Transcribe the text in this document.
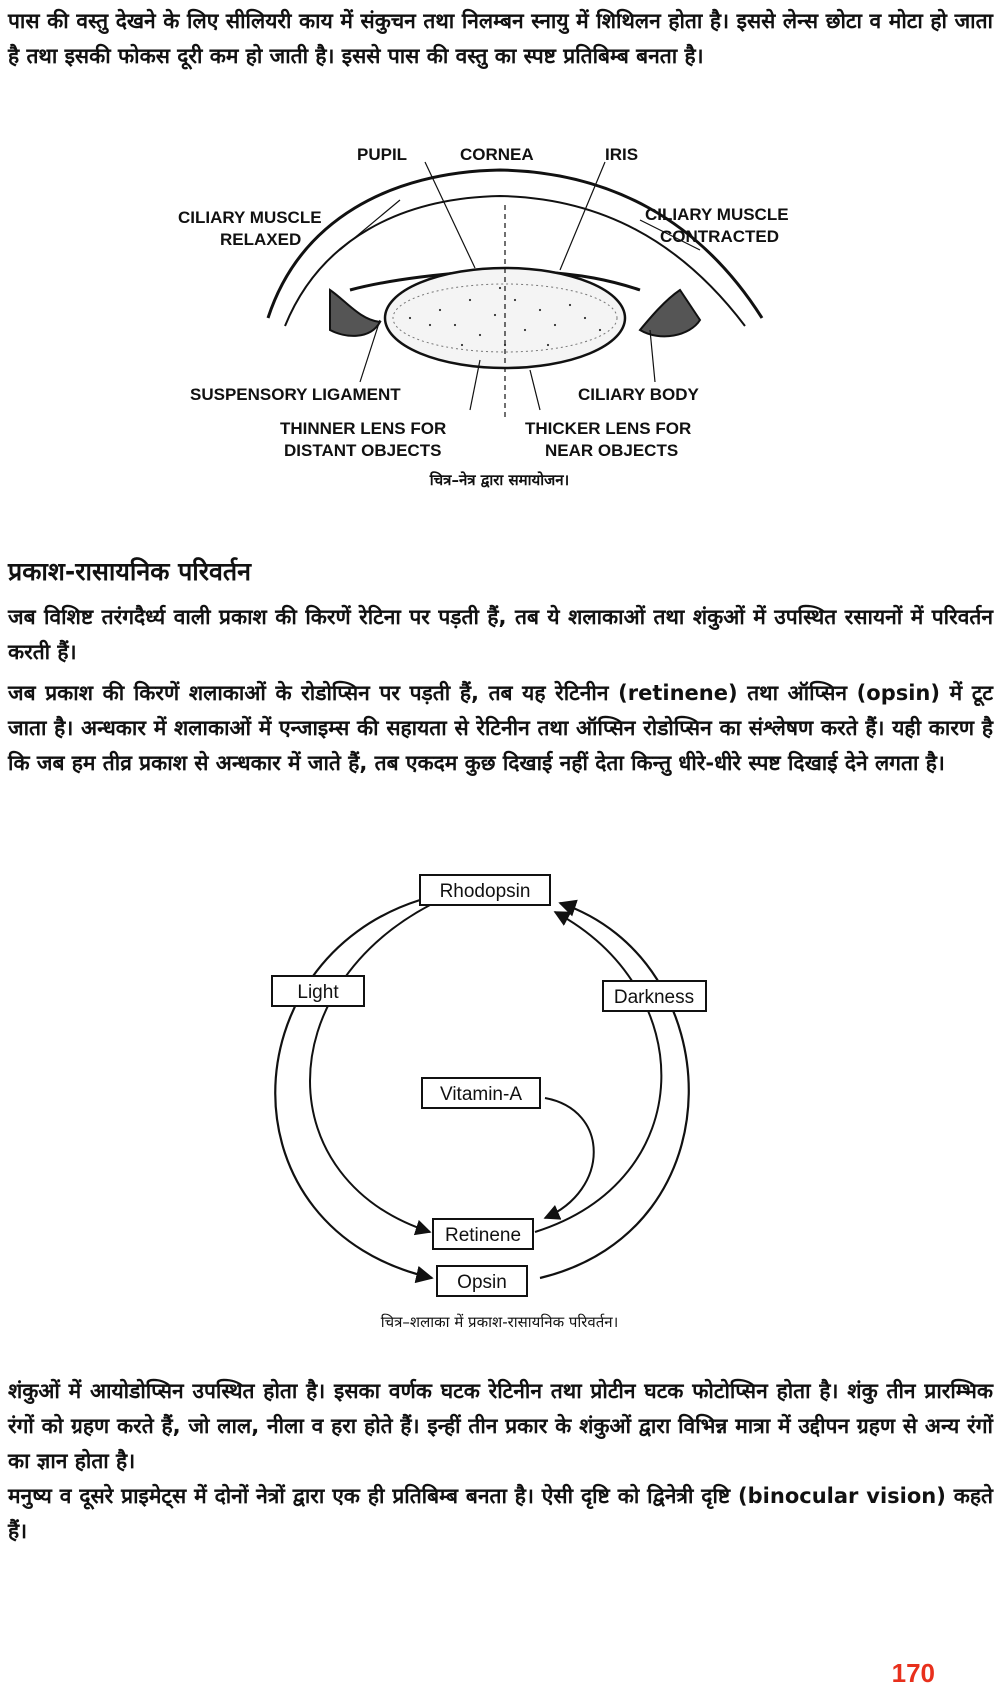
पास की वस्तु देखने के लिए सीलियरी काय में संकुचन तथा निलम्बन स्नायु में शिथिलन होता है। इससे लेन्स छोटा व मोटा हो जाता है तथा इसकी फोकस दूरी कम हो जाती है। इससे पास की वस्तु का स्पष्ट प्रतिबिम्ब बनता है।

PUPIL	CORNEA	IRIS
CILIARY MUSCLE
RELAXED
CILIARY MUSCLE
CONTRACTED
SUSPENSORY LIGAMENT	CILIARY BODY
THINNER LENS FOR
DISTANT OBJECTS
THICKER LENS FOR
NEAR OBJECTS
चित्र–नेत्र द्वारा समायोजन।
प्रकाश-रासायनिक परिवर्तन

जब विशिष्ट तरंगदैर्ध्य वाली प्रकाश की किरणें रेटिना पर पड़ती हैं, तब ये शलाकाओं तथा शंकुओं में उपस्थित रसायनों में परिवर्तन करती हैं।

जब प्रकाश की किरणें शलाकाओं के रोडोप्सिन पर पड़ती हैं, तब यह रेटिनीन (retinene) तथा ऑप्सिन (opsin) में टूट जाता है। अन्धकार में शलाकाओं में एन्जाइम्स की सहायता से रेटिनीन तथा ऑप्सिन रोडोप्सिन का संश्लेषण करते हैं। यही कारण है कि जब हम तीव्र प्रकाश से अन्धकार में जाते हैं, तब एकदम कुछ दिखाई नहीं देता किन्तु धीरे-धीरे स्पष्ट दिखाई देने लगता है।

Rhodopsin
Light	Darkness
Vitamin-A
Retinene
Opsin
चित्र–शलाका में प्रकाश-रासायनिक परिवर्तन।

शंकुओं में आयोडोप्सिन उपस्थित होता है। इसका वर्णक घटक रेटिनीन तथा प्रोटीन घटक फोटोप्सिन होता है। शंकु तीन प्रारम्भिक रंगों को ग्रहण करते हैं, जो लाल, नीला व हरा होते हैं। इन्हीं तीन प्रकार के शंकुओं द्वारा विभिन्न मात्रा में उद्दीपन ग्रहण से अन्य रंगों का ज्ञान होता है।

मनुष्य व दूसरे प्राइमेट्स में दोनों नेत्रों द्वारा एक ही प्रतिबिम्ब बनता है। ऐसी दृष्टि को द्विनेत्री दृष्टि (binocular vision) कहते हैं।

170
